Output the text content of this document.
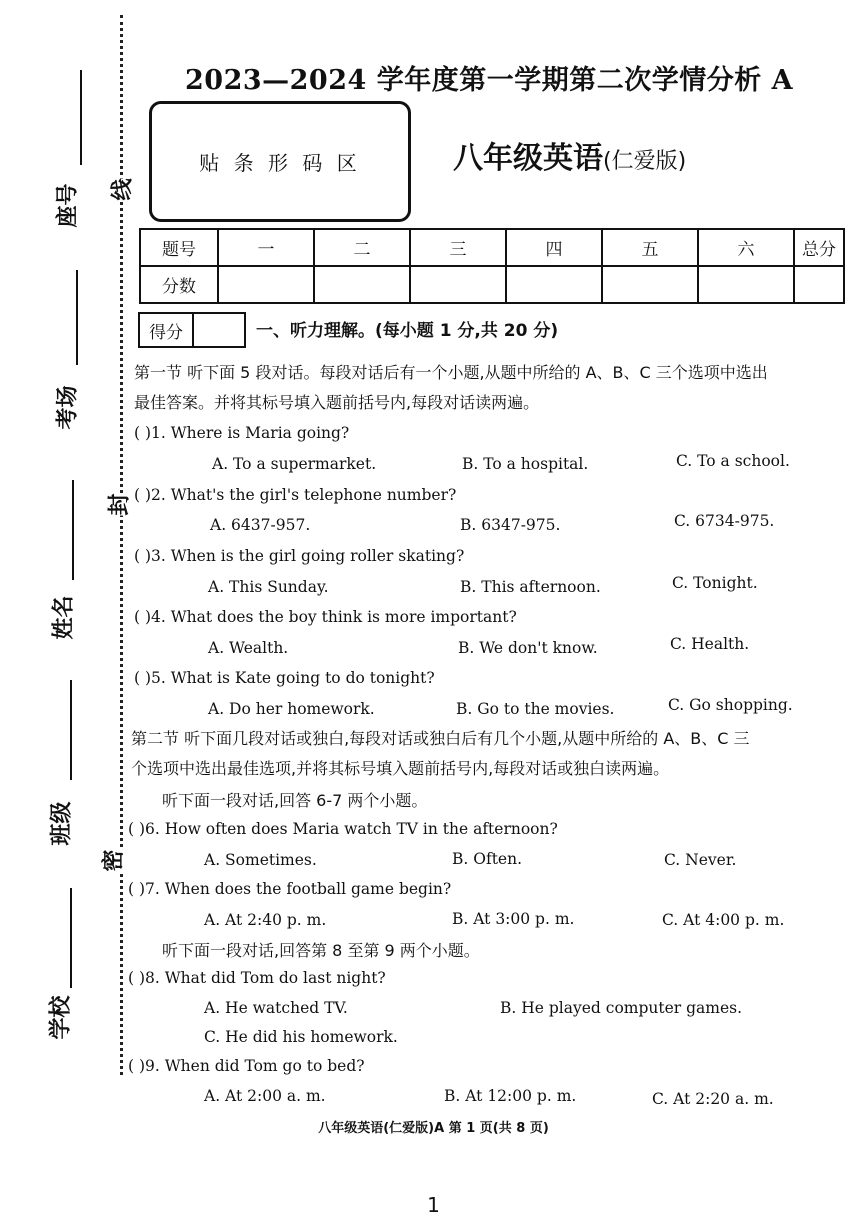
座号
考场
姓名
班级
学校
线
封
密
2023—2024 学年度第一学期第二次学情分析 A
贴 条 形 码 区	八年级英语(仁爱版)
题号	一	二	三	四	五	六	总分
分数							
得分	一、听力理解。(每小题 1 分,共 20 分)
第一节 听下面 5 段对话。每段对话后有一个小题,从题中所给的 A、B、C 三个选项中选出
最佳答案。并将其标号填入题前括号内,每段对话读两遍。
( )1. Where is Maria going?
A. To a supermarket.	B. To a hospital.	C. To a school.
( )2. What's the girl's telephone number?
A. 6437-957.	B. 6347-975.	C. 6734-975.
( )3. When is the girl going roller skating?
A. This Sunday.	B. This afternoon.	C. Tonight.
( )4. What does the boy think is more important?
A. Wealth.	B. We don't know.	C. Health.
( )5. What is Kate going to do tonight?
A. Do her homework.	B. Go to the movies.	C. Go shopping.
第二节 听下面几段对话或独白,每段对话或独白后有几个小题,从题中所给的 A、B、C 三
个选项中选出最佳选项,并将其标号填入题前括号内,每段对话或独白读两遍。
听下面一段对话,回答 6-7 两个小题。
( )6. How often does Maria watch TV in the afternoon?
A. Sometimes.	B. Often.	C. Never.
( )7. When does the football game begin?
A. At 2:40 p. m.	B. At 3:00 p. m.	C. At 4:00 p. m.
听下面一段对话,回答第 8 至第 9 两个小题。
( )8. What did Tom do last night?
A. He watched TV.	B. He played computer games.
C. He did his homework.
( )9. When did Tom go to bed?
A. At 2:00 a. m.	B. At 12:00 p. m.	C. At 2:20 a. m.
八年级英语(仁爱版)A 第 1 页(共 8 页)
1
